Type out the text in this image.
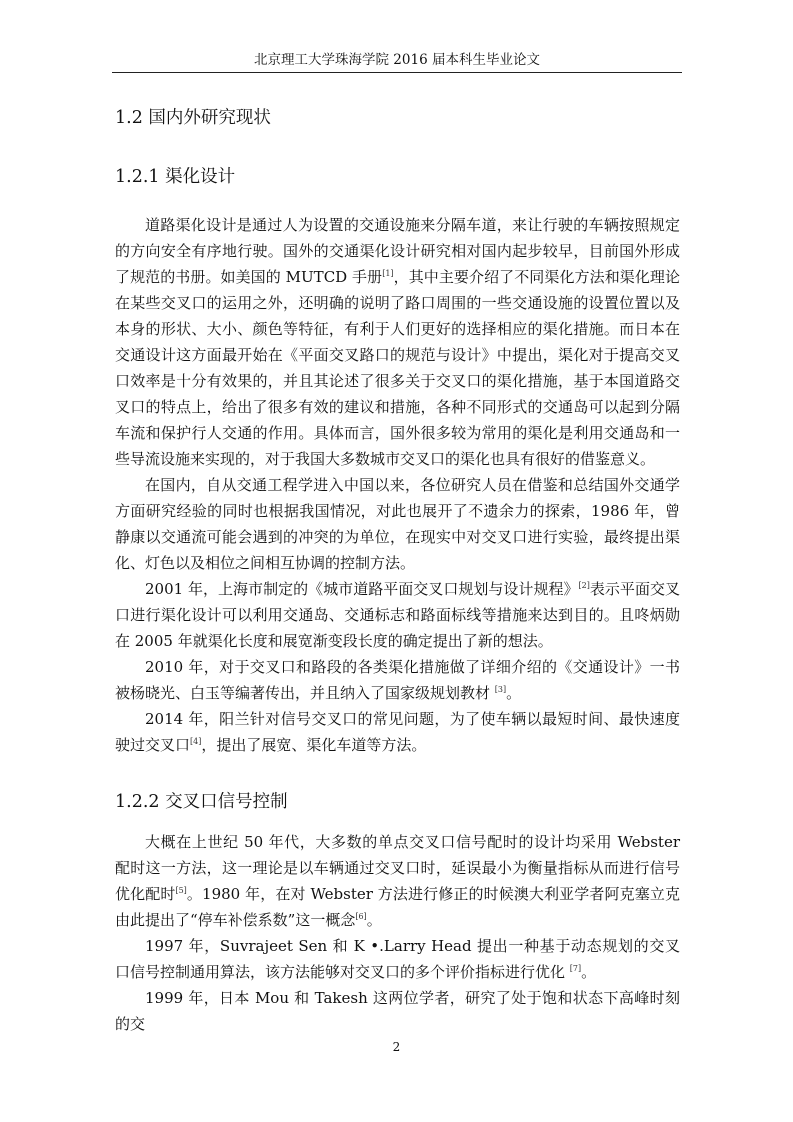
北京理工大学珠海学院 2016 届本科生毕业论文
1.2 国内外研究现状
1.2.1 渠化设计

道路渠化设计是通过人为设置的交通设施来分隔车道，来让行驶的车辆按照规定的方向安全有序地行驶。国外的交通渠化设计研究相对国内起步较早，目前国外形成了规范的书册。如美国的 MUTCD 手册[1]，其中主要介绍了不同渠化方法和渠化理论在某些交叉口的运用之外，还明确的说明了路口周围的一些交通设施的设置位置以及本身的形状、大小、颜色等特征，有利于人们更好的选择相应的渠化措施。而日本在交通设计这方面最开始在《平面交叉路口的规范与设计》中提出，渠化对于提高交叉口效率是十分有效果的，并且其论述了很多关于交叉口的渠化措施，基于本国道路交叉口的特点上，给出了很多有效的建议和措施，各种不同形式的交通岛可以起到分隔车流和保护行人交通的作用。具体而言，国外很多较为常用的渠化是利用交通岛和一些导流设施来实现的，对于我国大多数城市交叉口的渠化也具有很好的借鉴意义。

在国内，自从交通工程学进入中国以来，各位研究人员在借鉴和总结国外交通学方面研究经验的同时也根据我国情况，对此也展开了不遗余力的探索，1986 年，曾静康以交通流可能会遇到的冲突的为单位，在现实中对交叉口进行实验，最终提出渠化、灯色以及相位之间相互协调的控制方法。

2001 年，上海市制定的《城市道路平面交叉口规划与设计规程》[2]表示平面交叉口进行渠化设计可以利用交通岛、交通标志和路面标线等措施来达到目的。且咚炳勋在 2005 年就渠化长度和展宽渐变段长度的确定提出了新的想法。

2010 年，对于交叉口和路段的各类渠化措施做了详细介绍的《交通设计》一书被杨晓光、白玉等编著传出，并且纳入了国家级规划教材 [3]。

2014 年，阳兰针对信号交叉口的常见问题，为了使车辆以最短时间、最快速度驶过交叉口[4]，提出了展宽、渠化车道等方法。

1.2.2 交叉口信号控制

大概在上世纪 50 年代，大多数的单点交叉口信号配时的设计均采用 Webster 配时这一方法，这一理论是以车辆通过交叉口时，延误最小为衡量指标从而进行信号优化配时[5]。1980 年，在对 Webster 方法进行修正的时候澳大利亚学者阿克塞立克由此提出了“停车补偿系数”这一概念[6]。

1997 年，Suvrajeet Sen 和 K •.Larry Head 提出一种基于动态规划的交叉口信号控制通用算法，该方法能够对交叉口的多个评价指标进行优化 [7]。

1999 年，日本 Mou 和 Takesh 这两位学者，研究了处于饱和状态下高峰时刻的交

2
